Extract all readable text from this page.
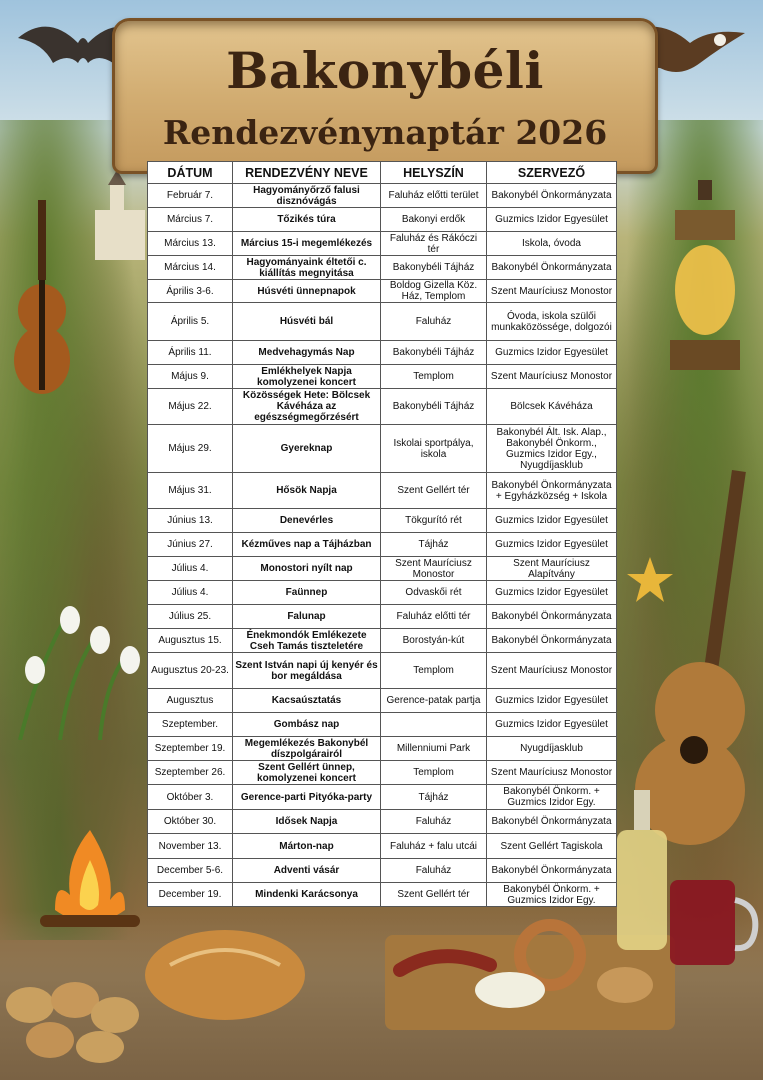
Bakonybéli
Rendezvénynaptár 2026
DÁTUM	RENDEZVÉNY NEVE	HELYSZÍN	SZERVEZŐ
Február 7.	Hagyományőrző falusi disznóvágás	Faluház előtti terület	Bakonybél Önkormányzata
Március 7.	Tőzikés túra	Bakonyi erdők	Guzmics Izidor Egyesület
Március 13.	Március 15-i megemlékezés	Faluház és Rákóczi tér	Iskola, óvoda
Március 14.	Hagyományaink éltetői c. kiállítás megnyitása	Bakonybéli Tájház	Bakonybél Önkormányzata
Április 3-6.	Húsvéti ünnepnapok	Boldog Gizella Köz. Ház, Templom	Szent Mauríciusz Monostor
Április 5.	Húsvéti bál	Faluház	Óvoda, iskola szülői munkaközössége, dolgozói
Április 11.	Medvehagymás Nap	Bakonybéli Tájház	Guzmics Izidor Egyesület
Május 9.	Emlékhelyek Napja komolyzenei koncert	Templom	Szent Mauríciusz Monostor
Május 22.	Közösségek Hete: Bölcsek Kávéháza az egészségmegőrzésért	Bakonybéli Tájház	Bölcsek Kávéháza
Május 29.	Gyereknap	Iskolai sportpálya, iskola	Bakonybél Ált. Isk. Alap., Bakonybél Önkorm., Guzmics Izidor Egy., Nyugdíjasklub
Május 31.	Hősök Napja	Szent Gellért tér	Bakonybél Önkormányzata + Egyházközség + Iskola
Június 13.	Denevérles	Tökgurító rét	Guzmics Izidor Egyesület
Június 27.	Kézműves nap a Tájházban	Tájház	Guzmics Izidor Egyesület
Július 4.	Monostori nyílt nap	Szent Mauríciusz Monostor	Szent Mauríciusz Alapítvány
Július 4.	Faünnep	Odvaskői rét	Guzmics Izidor Egyesület
Július 25.	Falunap	Faluház előtti tér	Bakonybél Önkormányzata
Augusztus 15.	Énekmondók Emlékezete Cseh Tamás tiszteletére	Borostyán-kút	Bakonybél Önkormányzata
Augusztus 20-23.	Szent István napi új kenyér és bor megáldása	Templom	Szent Mauríciusz Monostor
Augusztus	Kacsaúsztatás	Gerence-patak partja	Guzmics Izidor Egyesület
Szeptember.	Gombász nap		Guzmics Izidor Egyesület
Szeptember 19.	Megemlékezés Bakonybél díszpolgárairól	Millenniumi Park	Nyugdíjasklub
Szeptember 26.	Szent Gellért ünnep, komolyzenei koncert	Templom	Szent Mauríciusz Monostor
Október 3.	Gerence-parti Pityóka-party	Tájház	Bakonybél Önkorm. + Guzmics Izidor Egy.
Október 30.	Idősek Napja	Faluház	Bakonybél Önkormányzata
November 13.	Márton-nap	Faluház + falu utcái	Szent Gellért Tagiskola
December 5-6.	Adventi vásár	Faluház	Bakonybél Önkormányzata
December 19.	Mindenki Karácsonya	Szent Gellért tér	Bakonybél Önkorm. + Guzmics Izidor Egy.
